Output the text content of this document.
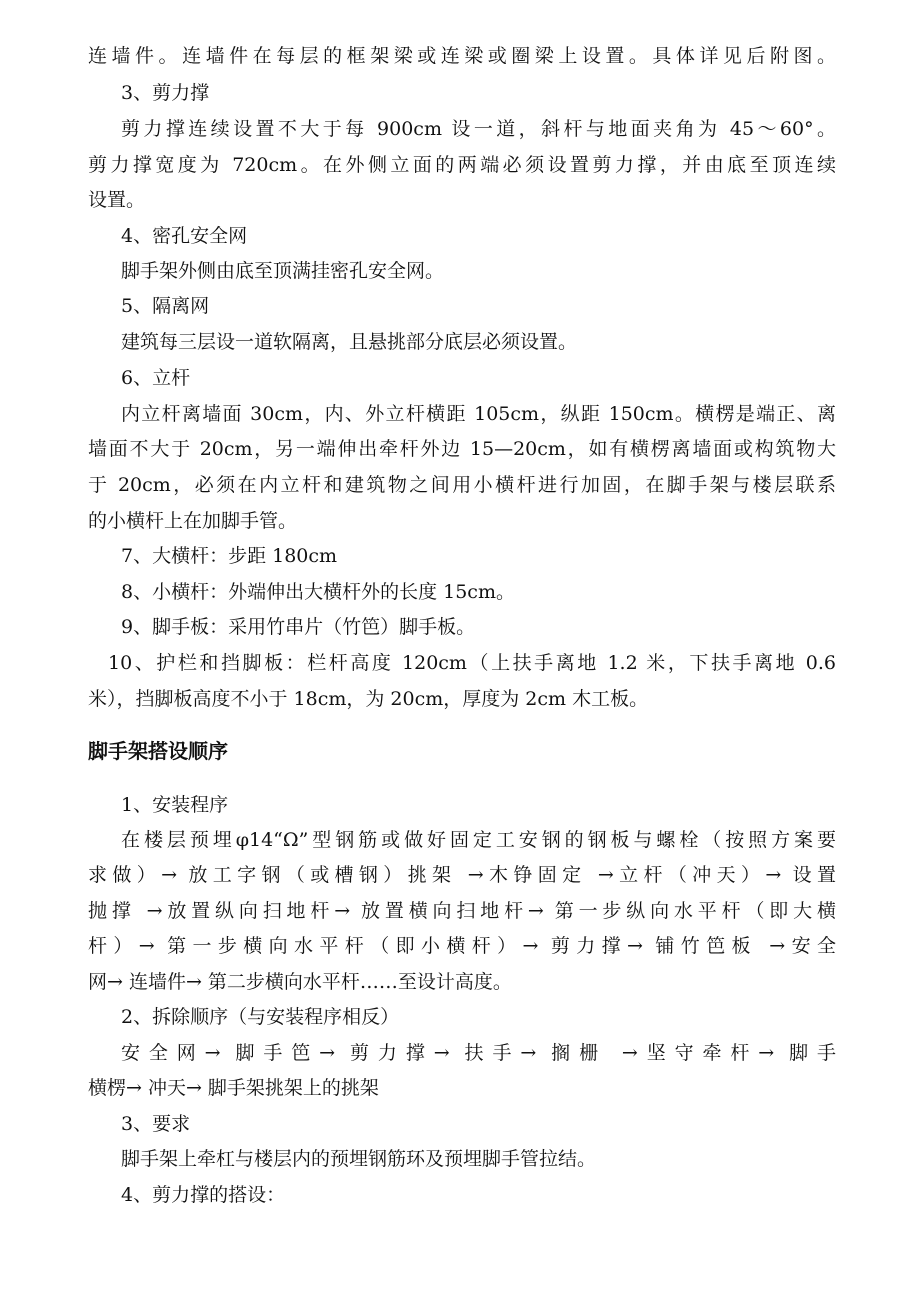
连墙件。连墙件在每层的框架梁或连梁或圈梁上设置。具体详见后附图。
3、剪力撑
剪力撑连续设置不大于每 900cm 设一道，斜杆与地面夹角为 45～60°。
剪力撑宽度为 720cm。在外侧立面的两端必须设置剪力撑，并由底至顶连续
设置。
4、密孔安全网
脚手架外侧由底至顶满挂密孔安全网。
5、隔离网
建筑每三层设一道软隔离，且悬挑部分底层必须设置。
6、立杆
内立杆离墙面 30cm，内、外立杆横距 105cm，纵距 150cm。横楞是端正、离
墙面不大于 20cm，另一端伸出牵杆外边 15—20cm，如有横楞离墙面或构筑物大
于 20cm，必须在内立杆和建筑物之间用小横杆进行加固，在脚手架与楼层联系
的小横杆上在加脚手管。
7、大横杆：步距 180cm
8、小横杆：外端伸出大横杆外的长度 15cm。
9、脚手板：采用竹串片（竹笆）脚手板。
10、护栏和挡脚板：栏杆高度 120cm（上扶手离地 1.2 米，下扶手离地 0.6
米），挡脚板高度不小于 18cm，为 20cm，厚度为 2cm 木工板。
脚手架搭设顺序
1、安装程序
在楼层预埋φ14“Ω”型钢筋或做好固定工安钢的钢板与螺栓（按照方案要
求做）→ 放工字钢（或槽钢）挑架 →木铮固定 →立杆（冲天）→ 设置
抛撑 →放置纵向扫地杆→ 放置横向扫地杆→ 第一步纵向水平杆（即大横
杆）→ 第一步横向水平杆（即小横杆）→ 剪力撑→ 铺竹笆板 →安全
网→ 连墙件→ 第二步横向水平杆……至设计高度。
2、拆除顺序（与安装程序相反）
安全网→ 脚手笆→ 剪力撑→ 扶手→ 搁栅 →坚守牵杆→ 脚手
横楞→ 冲天→ 脚手架挑架上的挑架
3、要求
脚手架上牵杠与楼层内的预埋钢筋环及预埋脚手管拉结。
4、剪力撑的搭设：
